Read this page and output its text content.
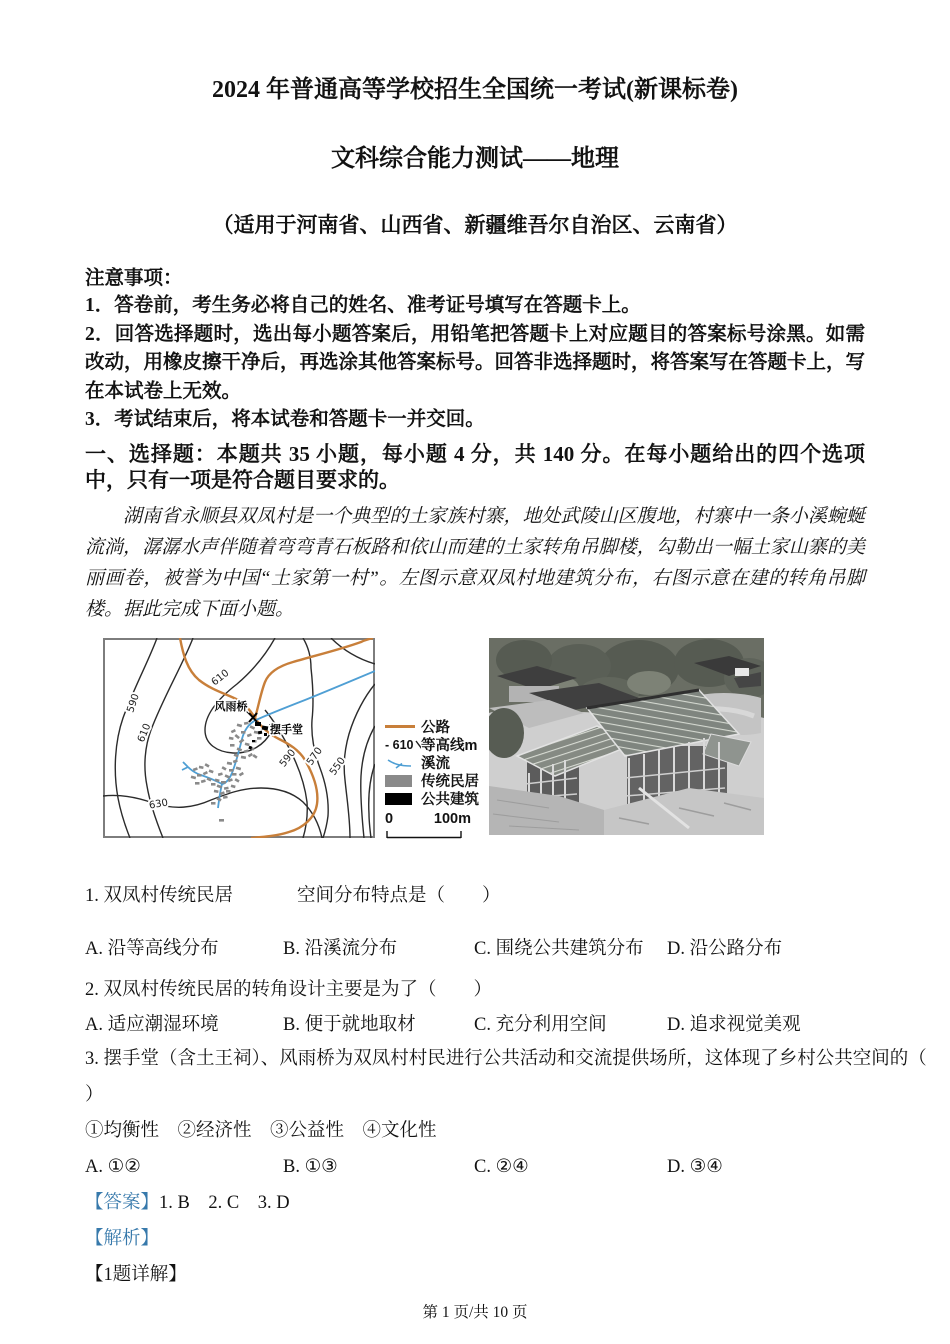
2024 年普通高等学校招生全国统一考试(新课标卷)
文科综合能力测试——地理
（适用于河南省、山西省、新疆维吾尔自治区、云南省）
注意事项：
1．答卷前，考生务必将自己的姓名、准考证号填写在答题卡上。
2．回答选择题时，选出每小题答案后，用铅笔把答题卡上对应题目的答案标号涂黑。如需改动，用橡皮擦干净后，再选涂其他答案标号。回答非选择题时，将答案写在答题卡上，写在本试卷上无效。
3．考试结束后，将本试卷和答题卡一并交回。
一、选择题：本题共 35 小题，每小题 4 分，共 140 分。在每小题给出的四个选项中，只有一项是符合题目要求的。
湖南省永顺县双凤村是一个典型的土家族村寨，地处武陵山区腹地，村寨中一条小溪蜿蜒流淌，潺潺水声伴随着弯弯青石板路和依山而建的土家转角吊脚楼，勾勒出一幅土家山寨的美丽画卷，被誉为中国“土家第一村”。左图示意双凤村地建筑分布，右图示意在建的转角吊脚楼。据此完成下面小题。
风雨桥
摆手堂
590
610
610
590 570 550
630
公路
- 610 等高线m
溪流
传统民居
公共建筑
0	100m
1. 双凤村传统民居	空间分布特点是（　　）
A. 沿等高线分布	B. 沿溪流分布	C. 围绕公共建筑分布	D. 沿公路分布
2. 双凤村传统民居的转角设计主要是为了（　　）
A. 适应潮湿环境	B. 便于就地取材	C. 充分利用空间	D. 追求视觉美观
3. 摆手堂（含土王祠）、风雨桥为双凤村村民进行公共活动和交流提供场所，这体现了乡村公共空间的（
）
①均衡性　②经济性　③公益性　④文化性
A. ①②	B. ①③	C. ②④	D. ③④
【答案】1. B　2. C　3. D
【解析】
【1题详解】
第 1 页/共 10 页
